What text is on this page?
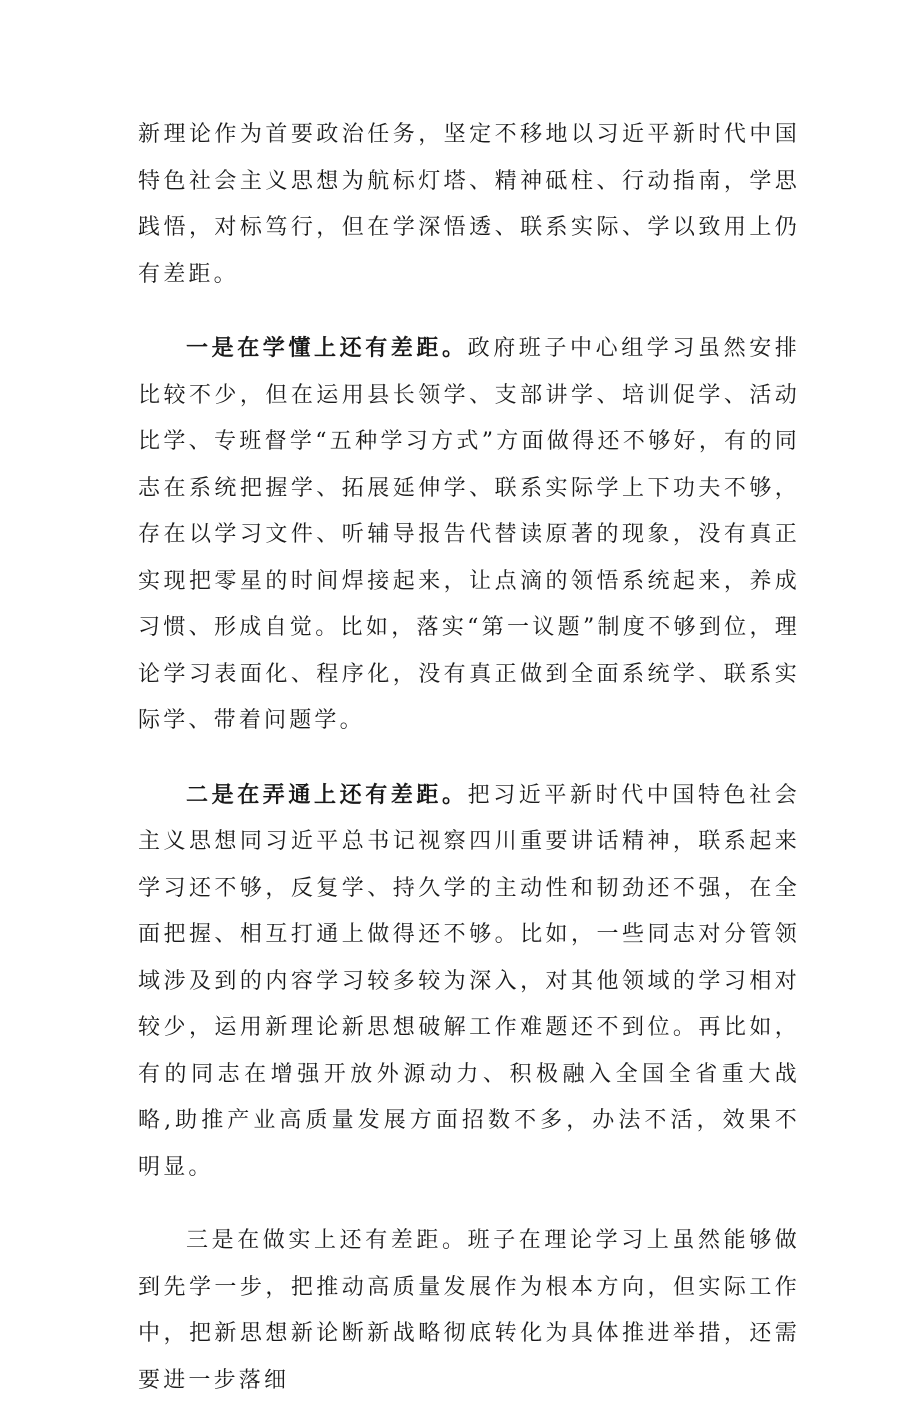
新理论作为首要政治任务，坚定不移地以习近平新时代中国特色社会主义思想为航标灯塔、精神砥柱、行动指南，学思践悟，对标笃行，但在学深悟透、联系实际、学以致用上仍有差距。

一是在学懂上还有差距。政府班子中心组学习虽然安排比较不少，但在运用县长领学、支部讲学、培训促学、活动比学、专班督学“五种学习方式”方面做得还不够好，有的同志在系统把握学、拓展延伸学、联系实际学上下功夫不够，存在以学习文件、听辅导报告代替读原著的现象，没有真正实现把零星的时间焊接起来，让点滴的领悟系统起来，养成习惯、形成自觉。比如，落实“第一议题”制度不够到位，理论学习表面化、程序化，没有真正做到全面系统学、联系实际学、带着问题学。

二是在弄通上还有差距。把习近平新时代中国特色社会主义思想同习近平总书记视察四川重要讲话精神，联系起来学习还不够，反复学、持久学的主动性和韧劲还不强，在全面把握、相互打通上做得还不够。比如，一些同志对分管领域涉及到的内容学习较多较为深入，对其他领域的学习相对较少，运用新理论新思想破解工作难题还不到位。再比如，有的同志在增强开放外源动力、积极融入全国全省重大战略,助推产业高质量发展方面招数不多，办法不活，效果不明显。

三是在做实上还有差距。班子在理论学习上虽然能够做到先学一步，把推动高质量发展作为根本方向，但实际工作中，把新思想新论断新战略彻底转化为具体推进举措，还需要进一步落细
